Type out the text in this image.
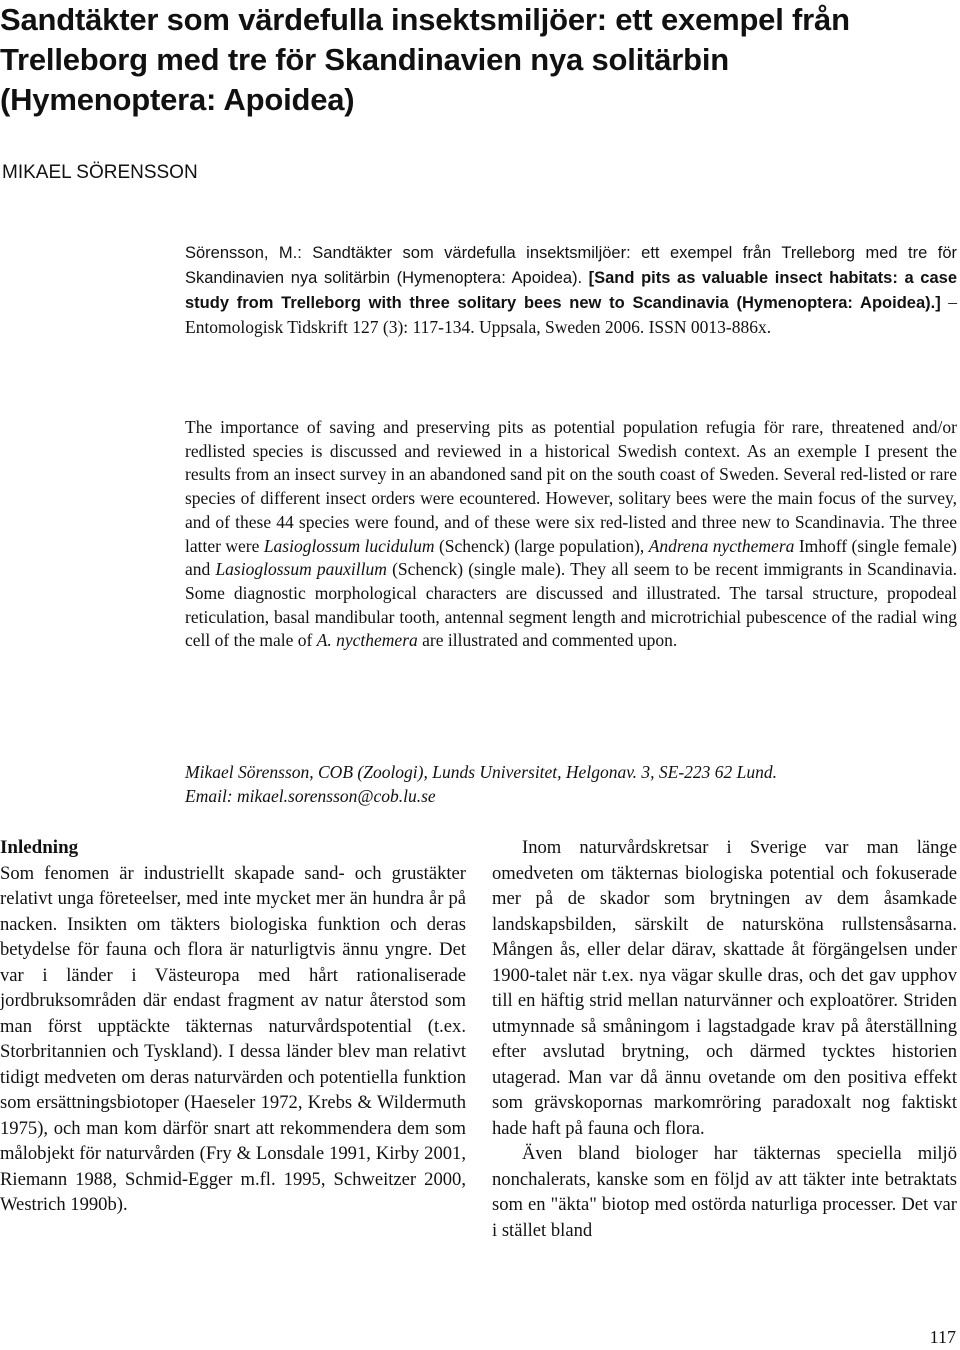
Sandtäkter som värdefulla insektsmiljöer: ett exempel från Trelleborg med tre för Skandinavien nya solitärbin (Hymenoptera: Apoidea)

MIKAEL SÖRENSSON

Sörensson, M.: Sandtäkter som värdefulla insektsmiljöer: ett exempel från Trelleborg med tre för Skandinavien nya solitärbin (Hymenoptera: Apoidea). [Sand pits as valuable insect habitats: a case study from Trelleborg with three solitary bees new to Scandinavia (Hymenoptera: Apoidea).] – Entomologisk Tidskrift 127 (3): 117-134. Uppsala, Sweden 2006. ISSN 0013-886x.

The importance of saving and preserving pits as potential population refugia för rare, threatened and/or redlisted species is discussed and reviewed in a historical Swedish context. As an exemple I present the results from an insect survey in an abandoned sand pit on the south coast of Sweden. Several red-listed or rare species of different insect orders were ecountered. However, solitary bees were the main focus of the survey, and of these 44 species were found, and of these were six red-listed and three new to Scandinavia. The three latter were Lasioglossum lucidulum (Schenck) (large population), Andrena nycthemera Imhoff (single female) and Lasioglossum pauxillum (Schenck) (single male). They all seem to be recent immigrants in Scandinavia. Some diagnostic morphological characters are discussed and illustrated. The tarsal structure, propodeal reticulation, basal mandibular tooth, antennal segment length and microtrichial pubescence of the radial wing cell of the male of A. nycthemera are illustrated and commented upon.

Mikael Sörensson, COB (Zoologi), Lunds Universitet, Helgonav. 3, SE-223 62 Lund.
Email: mikael.sorensson@cob.lu.se

Inledning

Som fenomen är industriellt skapade sand- och grustäkter relativt unga företeelser, med inte mycket mer än hundra år på nacken. Insikten om täkters biologiska funktion och deras betydelse för fauna och flora är naturligtvis ännu yngre. Det var i länder i Västeuropa med hårt rationaliserade jordbruksområden där endast fragment av natur återstod som man först upptäckte täkternas naturvårdspotential (t.ex. Storbritannien och Tyskland). I dessa länder blev man relativt tidigt medveten om deras naturvärden och potentiella funktion som ersättningsbiotoper (Haeseler 1972, Krebs & Wildermuth 1975), och man kom därför snart att rekommendera dem som målobjekt för naturvården (Fry & Lonsdale 1991, Kirby 2001, Riemann 1988, Schmid-Egger m.fl. 1995, Schweitzer 2000, Westrich 1990b).

Inom naturvårdskretsar i Sverige var man länge omedveten om täkternas biologiska potential och fokuserade mer på de skador som brytningen av dem åsamkade landskapsbilden, särskilt de natursköna rullstensåsarna. Mången ås, eller delar därav, skattade åt förgängelsen under 1900-talet när t.ex. nya vägar skulle dras, och det gav upphov till en häftig strid mellan naturvänner och exploatörer. Striden utmynnade så småningom i lagstadgade krav på återställning efter avslutad brytning, och därmed tycktes historien utagerad. Man var då ännu ovetande om den positiva effekt som grävskopornas markomröring paradoxalt nog faktiskt hade haft på fauna och flora.

Även bland biologer har täkternas speciella miljö nonchalerats, kanske som en följd av att täkter inte betraktats som en "äkta" biotop med ostörda naturliga processer. Det var i stället bland

117
